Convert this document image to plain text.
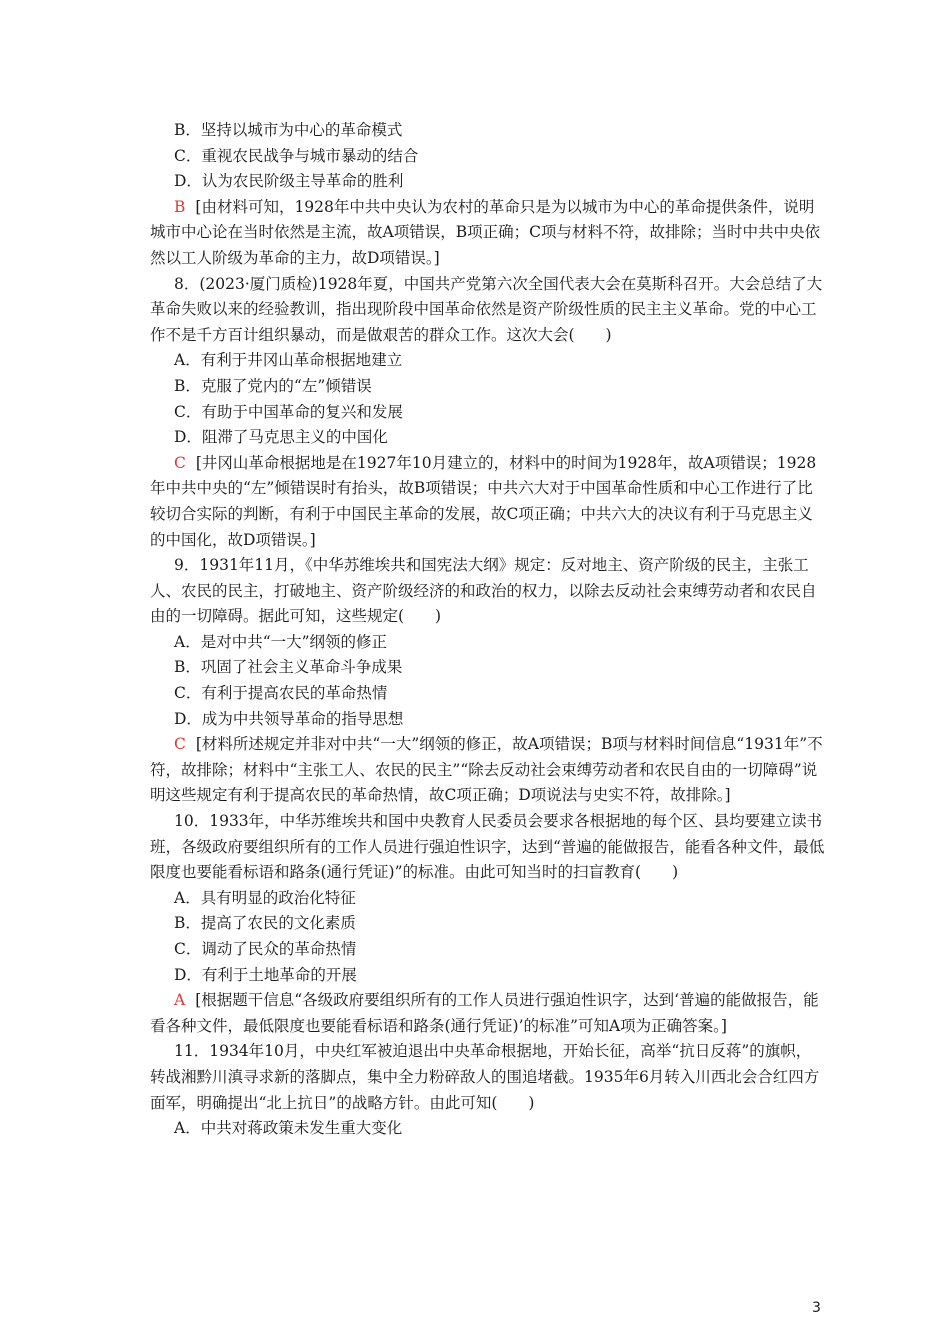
B．坚持以城市为中心的革命模式

C．重视农民战争与城市暴动的结合

D．认为农民阶级主导革命的胜利

B [由材料可知，1928年中共中央认为农村的革命只是为以城市为中心的革命提供条件，说明城市中心论在当时依然是主流，故A项错误，B项正确；C项与材料不符，故排除；当时中共中央依然以工人阶级为革命的主力，故D项错误。]

8．(2023·厦门质检)1928年夏，中国共产党第六次全国代表大会在莫斯科召开。大会总结了大革命失败以来的经验教训，指出现阶段中国革命依然是资产阶级性质的民主主义革命。党的中心工作不是千方百计组织暴动，而是做艰苦的群众工作。这次大会(　　)

A．有利于井冈山革命根据地建立

B．克服了党内的“左”倾错误

C．有助于中国革命的复兴和发展

D．阻滞了马克思主义的中国化

C [井冈山革命根据地是在1927年10月建立的，材料中的时间为1928年，故A项错误；1928年中共中央的“左”倾错误时有抬头，故B项错误；中共六大对于中国革命性质和中心工作进行了比较切合实际的判断，有利于中国民主革命的发展，故C项正确；中共六大的决议有利于马克思主义的中国化，故D项错误。]

9．1931年11月，《中华苏维埃共和国宪法大纲》规定：反对地主、资产阶级的民主，主张工人、农民的民主，打破地主、资产阶级经济的和政治的权力，以除去反动社会束缚劳动者和农民自由的一切障碍。据此可知，这些规定(　　)

A．是对中共“一大”纲领的修正

B．巩固了社会主义革命斗争成果

C．有利于提高农民的革命热情

D．成为中共领导革命的指导思想

C [材料所述规定并非对中共“一大”纲领的修正，故A项错误；B项与材料时间信息“1931年”不符，故排除；材料中“主张工人、农民的民主”“除去反动社会束缚劳动者和农民自由的一切障碍”说明这些规定有利于提高农民的革命热情，故C项正确；D项说法与史实不符，故排除。]

10．1933年，中华苏维埃共和国中央教育人民委员会要求各根据地的每个区、县均要建立读书班，各级政府要组织所有的工作人员进行强迫性识字，达到“普遍的能做报告，能看各种文件，最低限度也要能看标语和路条(通行凭证)”的标准。由此可知当时的扫盲教育(　　)

A．具有明显的政治化特征

B．提高了农民的文化素质

C．调动了民众的革命热情

D．有利于土地革命的开展

A [根据题干信息“各级政府要组织所有的工作人员进行强迫性识字，达到‘普遍的能做报告，能看各种文件，最低限度也要能看标语和路条(通行凭证)’的标准”可知A项为正确答案。]

11．1934年10月，中央红军被迫退出中央革命根据地，开始长征，高举“抗日反蒋”的旗帜，转战湘黔川滇寻求新的落脚点，集中全力粉碎敌人的围追堵截。1935年6月转入川西北会合红四方面军，明确提出“北上抗日”的战略方针。由此可知(　　)

A．中共对蒋政策未发生重大变化

3
